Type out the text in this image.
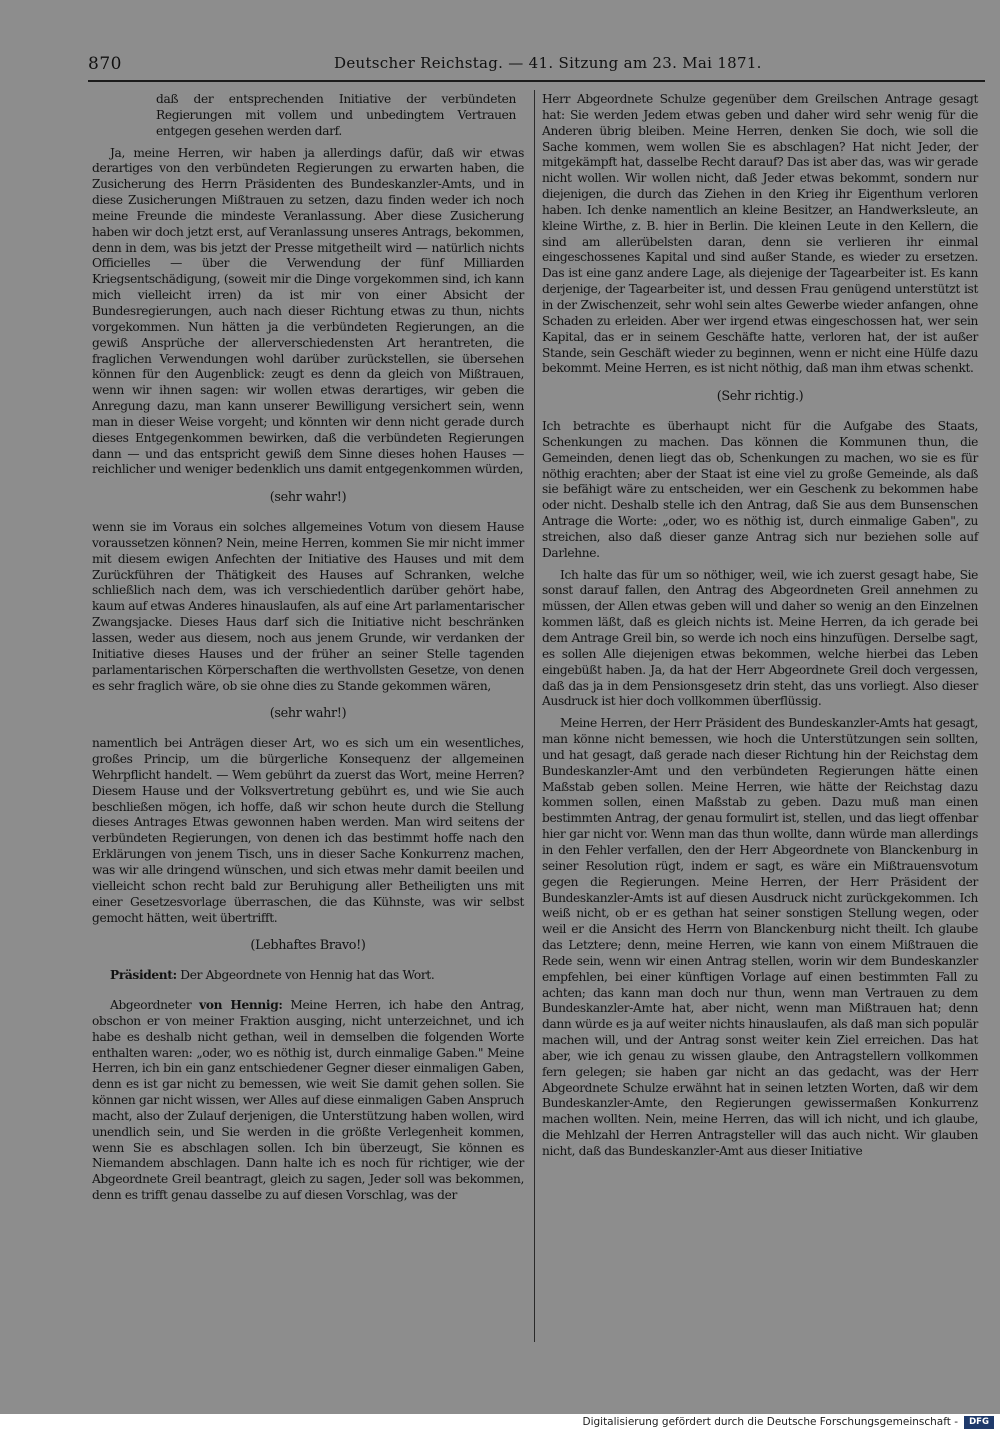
870	Deutscher Reichstag. — 41. Sitzung am 23. Mai 1871.

daß der entsprechenden Initiative der verbündeten Regierungen mit vollem und unbedingtem Vertrauen entgegen gesehen werden darf.

Ja, meine Herren, wir haben ja allerdings dafür, daß wir etwas derartiges von den verbündeten Regierungen zu erwarten haben, die Zusicherung des Herrn Präsidenten des Bundeskanzler-Amts, und in diese Zusicherungen Mißtrauen zu setzen, dazu finden weder ich noch meine Freunde die mindeste Veranlassung. Aber diese Zusicherung haben wir doch jetzt erst, auf Veranlassung unseres Antrags, bekommen, denn in dem, was bis jetzt der Presse mitgetheilt wird — natürlich nichts Officielles — über die Verwendung der fünf Milliarden Kriegsentschädigung, (soweit mir die Dinge vorgekommen sind, ich kann mich vielleicht irren) da ist mir von einer Absicht der Bundesregierungen, auch nach dieser Richtung etwas zu thun, nichts vorgekommen. Nun hätten ja die verbündeten Regierungen, an die gewiß Ansprüche der allerverschiedensten Art herantreten, die fraglichen Verwendungen wohl darüber zurückstellen, sie übersehen können für den Augenblick: zeugt es denn da gleich von Mißtrauen, wenn wir ihnen sagen: wir wollen etwas derartiges, wir geben die Anregung dazu, man kann unserer Bewilligung versichert sein, wenn man in dieser Weise vorgeht; und könnten wir denn nicht gerade durch dieses Entgegenkommen bewirken, daß die verbündeten Regierungen dann — und das entspricht gewiß dem Sinne dieses hohen Hauses — reichlicher und weniger bedenklich uns damit entgegenkommen würden,

(sehr wahr!)

wenn sie im Voraus ein solches allgemeines Votum von diesem Hause voraussetzen können? Nein, meine Herren, kommen Sie mir nicht immer mit diesem ewigen Anfechten der Initiative des Hauses und mit dem Zurückführen der Thätigkeit des Hauses auf Schranken, welche schließlich nach dem, was ich verschiedentlich darüber gehört habe, kaum auf etwas Anderes hinauslaufen, als auf eine Art parlamentarischer Zwangsjacke. Dieses Haus darf sich die Initiative nicht beschränken lassen, weder aus diesem, noch aus jenem Grunde, wir verdanken der Initiative dieses Hauses und der früher an seiner Stelle tagenden parlamentarischen Körperschaften die werthvollsten Gesetze, von denen es sehr fraglich wäre, ob sie ohne dies zu Stande gekommen wären,

(sehr wahr!)

namentlich bei Anträgen dieser Art, wo es sich um ein wesentliches, großes Princip, um die bürgerliche Konsequenz der allgemeinen Wehrpflicht handelt. — Wem gebührt da zuerst das Wort, meine Herren? Diesem Hause und der Volksvertretung gebührt es, und wie Sie auch beschließen mögen, ich hoffe, daß wir schon heute durch die Stellung dieses Antrages Etwas gewonnen haben werden. Man wird seitens der verbündeten Regierungen, von denen ich das bestimmt hoffe nach den Erklärungen von jenem Tisch, uns in dieser Sache Konkurrenz machen, was wir alle dringend wünschen, und sich etwas mehr damit beeilen und vielleicht schon recht bald zur Beruhigung aller Betheiligten uns mit einer Gesetzesvorlage überraschen, die das Kühnste, was wir selbst gemocht hätten, weit übertrifft.

(Lebhaftes Bravo!)

Präsident: Der Abgeordnete von Hennig hat das Wort.

Abgeordneter von Hennig: Meine Herren, ich habe den Antrag, obschon er von meiner Fraktion ausging, nicht unterzeichnet, und ich habe es deshalb nicht gethan, weil in demselben die folgenden Worte enthalten waren: „oder, wo es nöthig ist, durch einmalige Gaben." Meine Herren, ich bin ein ganz entschiedener Gegner dieser einmaligen Gaben, denn es ist gar nicht zu bemessen, wie weit Sie damit gehen sollen. Sie können gar nicht wissen, wer Alles auf diese einmaligen Gaben Anspruch macht, also der Zulauf derjenigen, die Unterstützung haben wollen, wird unendlich sein, und Sie werden in die größte Verlegenheit kommen, wenn Sie es abschlagen sollen. Ich bin überzeugt, Sie können es Niemandem abschlagen. Dann halte ich es noch für richtiger, wie der Abgeordnete Greil beantragt, gleich zu sagen, Jeder soll was bekommen, denn es trifft genau dasselbe zu auf diesen Vorschlag, was der

Herr Abgeordnete Schulze gegenüber dem Greilschen Antrage gesagt hat: Sie werden Jedem etwas geben und daher wird sehr wenig für die Anderen übrig bleiben. Meine Herren, denken Sie doch, wie soll die Sache kommen, wem wollen Sie es abschlagen? Hat nicht Jeder, der mitgekämpft hat, dasselbe Recht darauf? Das ist aber das, was wir gerade nicht wollen. Wir wollen nicht, daß Jeder etwas bekommt, sondern nur diejenigen, die durch das Ziehen in den Krieg ihr Eigenthum verloren haben. Ich denke namentlich an kleine Besitzer, an Handwerksleute, an kleine Wirthe, z. B. hier in Berlin. Die kleinen Leute in den Kellern, die sind am allerübelsten daran, denn sie verlieren ihr einmal eingeschossenes Kapital und sind außer Stande, es wieder zu ersetzen. Das ist eine ganz andere Lage, als diejenige der Tagearbeiter ist. Es kann derjenige, der Tagearbeiter ist, und dessen Frau genügend unterstützt ist in der Zwischenzeit, sehr wohl sein altes Gewerbe wieder anfangen, ohne Schaden zu erleiden. Aber wer irgend etwas eingeschossen hat, wer sein Kapital, das er in seinem Geschäfte hatte, verloren hat, der ist außer Stande, sein Geschäft wieder zu beginnen, wenn er nicht eine Hülfe dazu bekommt. Meine Herren, es ist nicht nöthig, daß man ihm etwas schenkt.

(Sehr richtig.)

Ich betrachte es überhaupt nicht für die Aufgabe des Staats, Schenkungen zu machen. Das können die Kommunen thun, die Gemeinden, denen liegt das ob, Schenkungen zu machen, wo sie es für nöthig erachten; aber der Staat ist eine viel zu große Gemeinde, als daß sie befähigt wäre zu entscheiden, wer ein Geschenk zu bekommen habe oder nicht. Deshalb stelle ich den Antrag, daß Sie aus dem Bunsenschen Antrage die Worte: „oder, wo es nöthig ist, durch einmalige Gaben", zu streichen, also daß dieser ganze Antrag sich nur beziehen solle auf Darlehne.

Ich halte das für um so nöthiger, weil, wie ich zuerst gesagt habe, Sie sonst darauf fallen, den Antrag des Abgeordneten Greil annehmen zu müssen, der Allen etwas geben will und daher so wenig an den Einzelnen kommen läßt, daß es gleich nichts ist. Meine Herren, da ich gerade bei dem Antrage Greil bin, so werde ich noch eins hinzufügen. Derselbe sagt, es sollen Alle diejenigen etwas bekommen, welche hierbei das Leben eingebüßt haben. Ja, da hat der Herr Abgeordnete Greil doch vergessen, daß das ja in dem Pensionsgesetz drin steht, das uns vorliegt. Also dieser Ausdruck ist hier doch vollkommen überflüssig.

Meine Herren, der Herr Präsident des Bundeskanzler-Amts hat gesagt, man könne nicht bemessen, wie hoch die Unterstützungen sein sollten, und hat gesagt, daß gerade nach dieser Richtung hin der Reichstag dem Bundeskanzler-Amt und den verbündeten Regierungen hätte einen Maßstab geben sollen. Meine Herren, wie hätte der Reichstag dazu kommen sollen, einen Maßstab zu geben. Dazu muß man einen bestimmten Antrag, der genau formulirt ist, stellen, und das liegt offenbar hier gar nicht vor. Wenn man das thun wollte, dann würde man allerdings in den Fehler verfallen, den der Herr Abgeordnete von Blanckenburg in seiner Resolution rügt, indem er sagt, es wäre ein Mißtrauensvotum gegen die Regierungen. Meine Herren, der Herr Präsident der Bundeskanzler-Amts ist auf diesen Ausdruck nicht zurückgekommen. Ich weiß nicht, ob er es gethan hat seiner sonstigen Stellung wegen, oder weil er die Ansicht des Herrn von Blanckenburg nicht theilt. Ich glaube das Letztere; denn, meine Herren, wie kann von einem Mißtrauen die Rede sein, wenn wir einen Antrag stellen, worin wir dem Bundeskanzler empfehlen, bei einer künftigen Vorlage auf einen bestimmten Fall zu achten; das kann man doch nur thun, wenn man Vertrauen zu dem Bundeskanzler-Amte hat, aber nicht, wenn man Mißtrauen hat; denn dann würde es ja auf weiter nichts hinauslaufen, als daß man sich populär machen will, und der Antrag sonst weiter kein Ziel erreichen. Das hat aber, wie ich genau zu wissen glaube, den Antragstellern vollkommen fern gelegen; sie haben gar nicht an das gedacht, was der Herr Abgeordnete Schulze erwähnt hat in seinen letzten Worten, daß wir dem Bundeskanzler-Amte, den Regierungen gewissermaßen Konkurrenz machen wollten. Nein, meine Herren, das will ich nicht, und ich glaube, die Mehlzahl der Herren Antragsteller will das auch nicht. Wir glauben nicht, daß das Bundeskanzler-Amt aus dieser Initiative

Digitalisierung gefördert durch die Deutsche Forschungsgemeinschaft -	DFG
